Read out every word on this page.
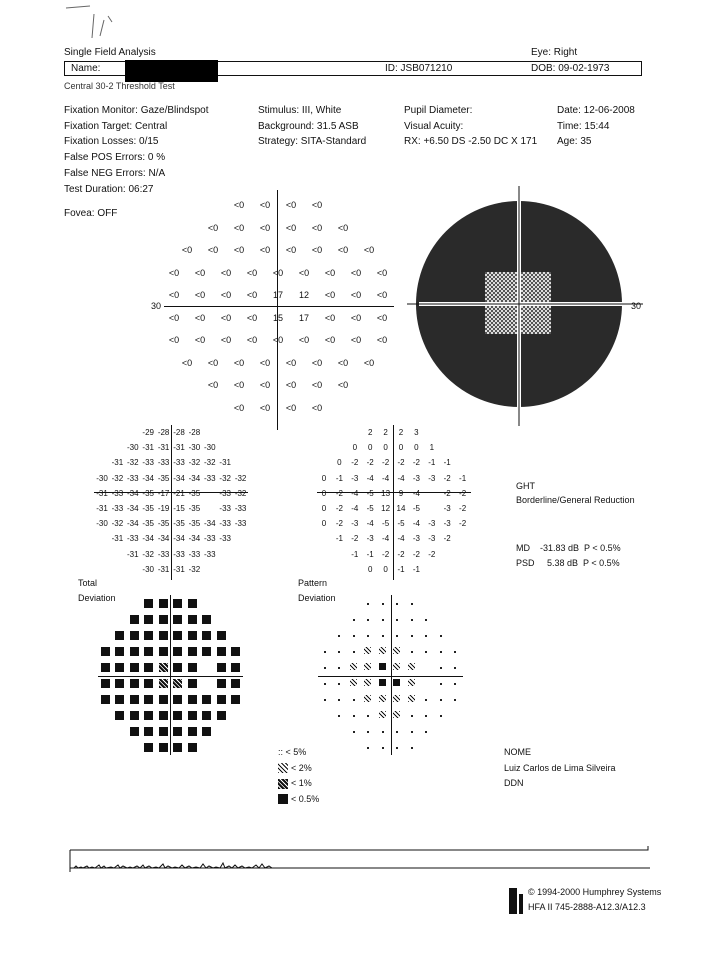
Single Field Analysis	Eye: Right
Name:	ID: JSB071210	DOB: 09-02-1973
Central 30-2 Threshold Test
Fixation Monitor: Gaze/Blindspot
Fixation Target: Central
Fixation Losses: 0/15
False POS Errors: 0 %
False NEG Errors: N/A
Test Duration: 06:27
Stimulus: III, White
Background: 31.5 ASB
Strategy: SITA-Standard
Pupil Diameter:
Visual Acuity:
RX: +6.50 DS -2.50 DC X 171
Date: 12-06-2008
Time: 15:44
Age: 35
Fovea: OFF
<0	<0	<0	<0
<0	<0	<0	<0	<0	<0
<0	<0	<0	<0	<0	<0	<0	<0
<0	<0	<0	<0	<0	<0	<0	<0	<0
<0	<0	<0	<0	17	12	<0	<0	<0
<0	<0	<0	<0	15	17	<0	<0	<0
<0	<0	<0	<0	<0	<0	<0	<0	<0
<0	<0	<0	<0	<0	<0	<0	<0
<0	<0	<0	<0	<0	<0
<0	<0	<0	<0
30	30
-29 -28 -28 -28
-30 -31 -31 -31 -30 -30
-31 -32 -33 -33 -33 -32 -32 -31
-30 -32 -33 -34 -35 -34 -34 -33 -32 -32
-31 -33 -34 -35 -17 -21 -35 -33 -32
-31 -33 -34 -35 -19 -15 -35 -33 -33
-30 -32 -34 -35 -35 -35 -35 -34 -33 -33
-31 -33 -34 -34 -34 -34 -33 -33
-31 -32 -33 -33 -33 -33
-30 -31 -31 -32
2	2	2	3
0	0	0	0	0	1
0	-2	-2	-2	-2	-2	-1	-1
0	-1	-3	-4	-4	-4	-3	-3	-2	-1
0	-2	-4	-5 13	9	-4	-2	-2
0	-2	-4	-5 12 14 -5	-3	-2
0	-2	-3	-4	-5	-5	-4	-3	-3	-2
-1	-2	-3	-4	-4	-3	-3	-2
-1	-1	-2	-2	-2	-2
0	0	-1	-1
GHT
Borderline/General Reduction
MD    -31.83 dB  P < 0.5%
PSD     5.38 dB  P < 0.5%
Total
Deviation
Pattern
Deviation
:: < 5%
< 2%
< 1%
< 0.5%
NOME
Luiz Carlos de Lima Silveira
DDN
© 1994-2000 Humphrey Systems
HFA II 745-2888-A12.3/A12.3
